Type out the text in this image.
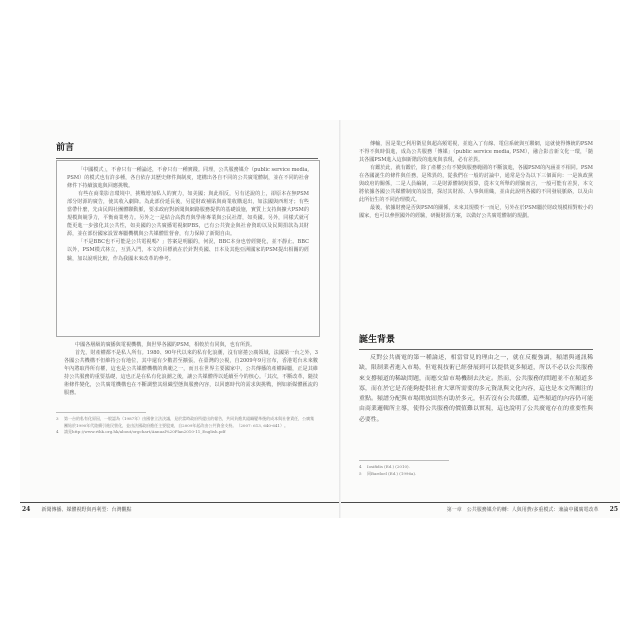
前言

「中國模式」，不會只有一種論述，不會只有一種實踐。同理，公共服務媒介（public service media, PSM）的模式也有許多種，各自依存其歷史條件與制度，建構出各自不同的公共廣電體制，並在不同的社會條件下持續演進與回應挑戰。

有些在商業影音環境中，挑戰增加私人的實力，如美國；與此相反，另有述說的上，卻原本在無PSM部分財源的廣告，使其收入劇降。為此部份延長後，另從財政補貼與商業收購退出，如法國與西班牙；有些當帶什麼，先由民間社團體聯動脈，要求政府對新聞與網路服務提供的基礎設施，實質上支持與擴大PSM的規模與競爭力，平衡商業勢力。另外之一是結合高教育與學術專業與公民社群，如英國。另外，同樣式就可能更進一步強化其公共性，如美國的公共廣播電視網PBS，已有公共資金與社會資助以及民間捐款為其財源，並在部份國家設置專屬機構與公共媒體監督會，有力保障了新聞自由。

「不是BBC也不可能是公共電視嗎？」答案是明顯的，何況，BBC本身也曾經變化，並不靜止。BBC以外，PSM模式林立，互異入門，本文的目標就在於針對英國、日本及其他亞洲國家的PSM提出相關的經驗，加以說明比較，作為我國未來改革的參考。

中國各層級的廣播與電視機構，與世界各國的PSM，相較於有同與，也有所異。

首先，財產權都不是私人所有。1980、90年代以來的私有化浪潮，沒有席捲公廣領域，法國第一台之外，3各國公共機構不但維持公有地位，其中還有少數甚至擴張，在臺灣的公視，自2009年9月宣布，香港電台未來數年內將取得所有權，這也是公共媒體機構的典範之一，而且在世界主要國家中，公共傳播的產權歸屬，正是其維持公共服務的重要基礎，這也正是在私有化浪潮之後，讓公共媒體得以延續至今的核心。「其次，不斷改革，隨技術條件變化，公共廣電機構也在不斷調整其組織型態與服務內容，以回應時代的需求與挑戰，例如新媒體匯流的服務。

3	第一台的私有化原因，一般認為（1987年）由國會立法決議，見於當時政府所提出的報告，共同負擔其組織變革後的成本與社會責任，公廣集團始於1990年代陸續引進民營化，並由法國政府擔任主要股東，自2009年起改由公共資金支持。（2007: 613, 640-641）。
4	請見http://www.rthk.org.hk/about/orgchart/Annual%20Plan2010-11_English.pdf
24 新聞傳播、媒體視野與再利型：台灣觀點

傳輸，因是業已利用衛星與超高頻電視，並進入了有線、電信系統與互聯網，這就使得傳統的PSM不得不與時俱進，成為公共服務「傳媒」（public service media, PSM），融合影音新文化一環，「隨其各國PSM進入這個新階段的進度與表現，必有差異。

有鑑於此，就有鑑於，除了產權公有不變與服務範圍的不斷演進，各國PSM的內涵並不相同。PSM在各國誕生的條件與任務，是殊異的，從我們在一般的討論中，通常是分為以下三個面向：一是執政黨與政府的關係，二是人員編制，三是財源體制與預算，從本文所舉的經驗而言，一般可能有差異，本文將依據各國公共媒體制度的設置，探討其財源、人事與組織，並由此說明各國的不同發展脈絡，以及由此所衍生的不同治理模式。

最後，依據財務是否與PSM的關係，未來其規模不一而足，另外在於PSM屬於財政規模相對較小的國家，也可以參照國外的經驗，研擬財源方案，以做好公共廣電體制的規劃。

誕生背景

反對公共廣電的第一種論述，相當常見的理由之一，就在反覆強調，頻譜與通訊稀缺，限制業者進入市場，但電視技術已經發展到可以提供更多頻道，所以不必以公共服務來支撐頻道的稀缺問題，而應交給市場機制去決定。然而，公共服務的問題並不在頻道多寡，而在於它是否能夠提供社會大眾所需要的多元資訊與文化內容，這也是本文所關注的重點。頻譜分配與市場開放固然有助於多元，但若沒有公共媒體，這些頻道的內容仍可能由商業邏輯所主導，使得公共服務的價值難以實現，這也說明了公共廣電存在的重要性與必要性。

4	Iosifidis (Ed.) (2010).
5	同Bardoel (Ed.) (1996a).
第一章　公共服務媒介的轉：人與用費/多重模式：兼論中國廣電改革 25
